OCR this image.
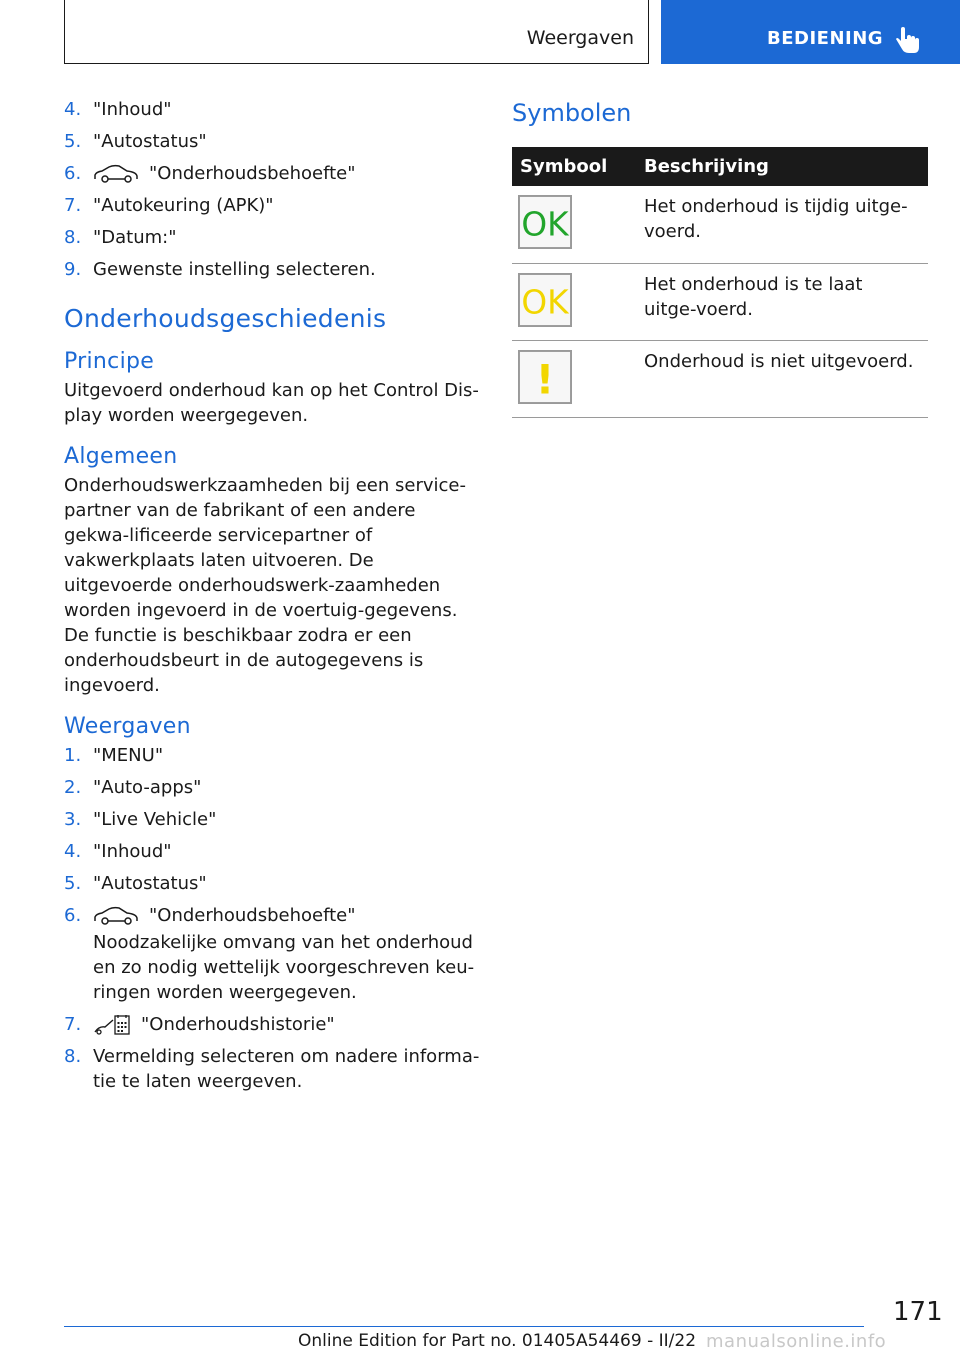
Weergaven	BEDIENING
4. "Inhoud"
5. "Autostatus"
6.	"Onderhoudsbehoefte"
7. "Autokeuring (APK)"
8. "Datum:"
9. Gewenste instelling selecteren.
Onderhoudsgeschiedenis
Principe

Uitgevoerd onderhoud kan op het Control Dis-play worden weergegeven.

Algemeen

Onderhoudswerkzaamheden bij een service-partner van de fabrikant of een andere gekwa-lificeerde servicepartner of vakwerkplaats laten uitvoeren. De uitgevoerde onderhoudswerk-zaamheden worden ingevoerd in de voertuig-gegevens. De functie is beschikbaar zodra er een onderhoudsbeurt in de autogegevens is ingevoerd.

Weergaven
1. "MENU"
2. "Auto-apps"
3. "Live Vehicle"
4. "Inhoud"
5. "Autostatus"
6.	"Onderhoudsbehoefte"
Noodzakelijke omvang van het onderhoud en zo nodig wettelijk voorgeschreven keu-ringen worden weergegeven.
7.	"Onderhoudshistorie"
8. Vermelding selecteren om nadere informa-tie te laten weergeven.
Symbolen
Symbool	Beschrijving

OK	Het onderhoud is tijdig uitge-voerd.

OK	Het onderhoud is te laat uitge-voerd.

!	Onderhoud is niet uitgevoerd.
171
Online Edition for Part no. 01405A54469 - II/22 manualsonline.info
